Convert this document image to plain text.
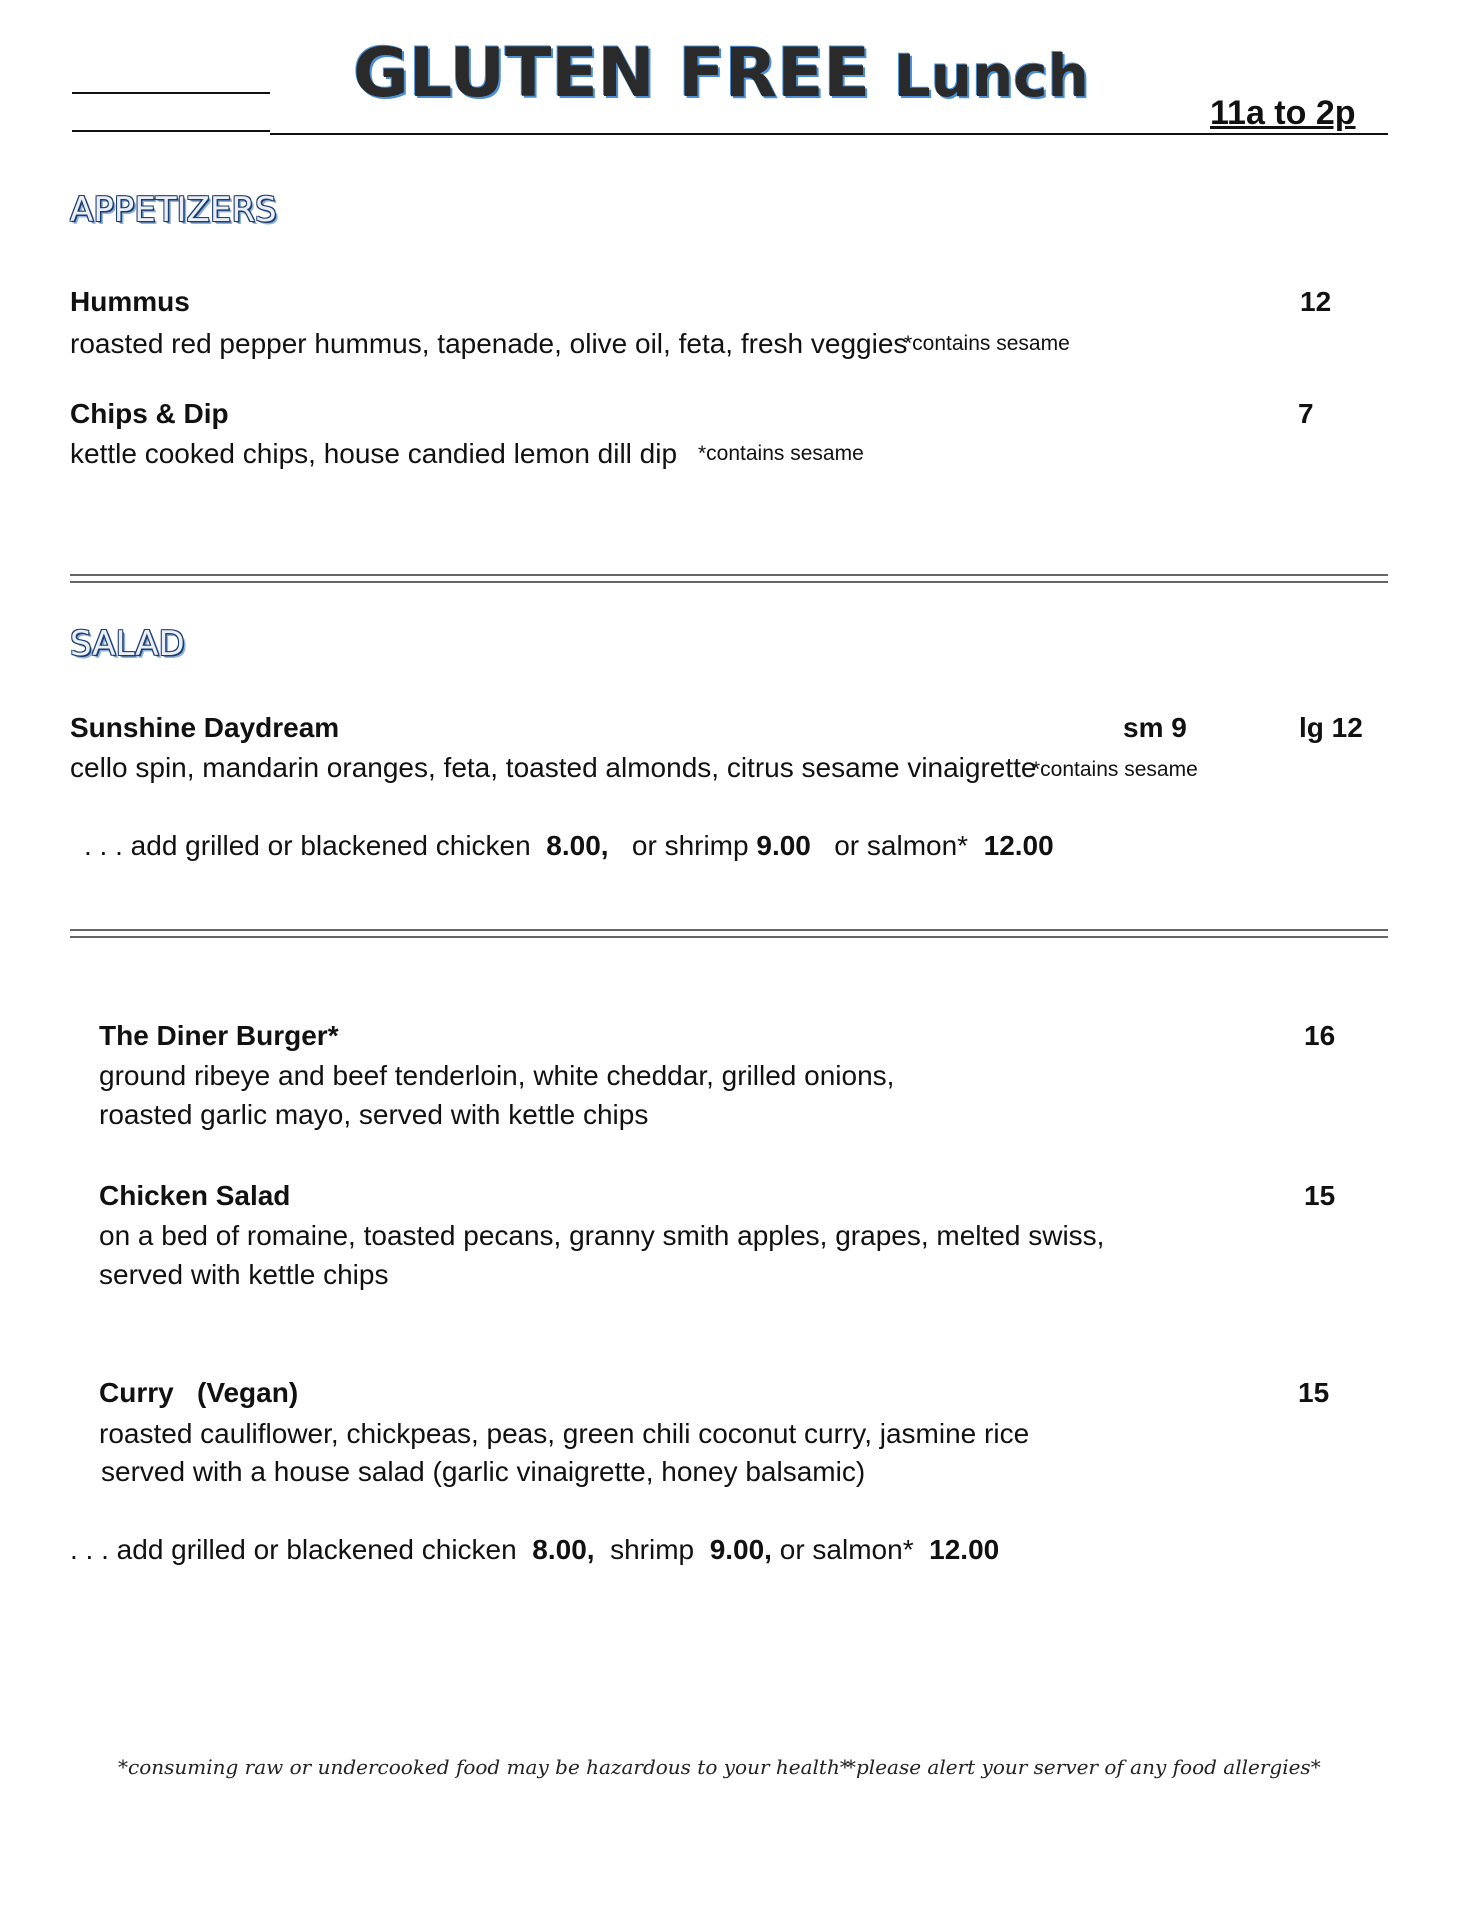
GLUTEN FREE Lunch
11a to 2p
APPETIZERS
Hummus	12
roasted red pepper hummus, tapenade, olive oil, feta, fresh veggies
*contains sesame
Chips & Dip	7
kettle cooked chips, house candied lemon dill dip *contains sesame
SALAD
Sunshine Daydream	sm 9	lg 12
cello spin, mandarin oranges, feta, toasted almonds, citrus sesame vinaigrette
*contains sesame
. . . add grilled or blackened chicken 8.00, or shrimp 9.00 or salmon* 12.00
The Diner Burger*	16
ground ribeye and beef tenderloin, white cheddar, grilled onions,
roasted garlic mayo, served with kettle chips
Chicken Salad	15
on a bed of romaine, toasted pecans, granny smith apples, grapes, melted swiss,
served with kettle chips
Curry   (Vegan)	15
roasted cauliflower, chickpeas, peas, green chili coconut curry, jasmine rice
served with a house salad (garlic vinaigrette, honey balsamic)
. . . add grilled or blackened chicken 8.00, shrimp 9.00, or salmon* 12.00
*consuming raw or undercooked food may be hazardous to your health*
*please alert your server of any food allergies*
